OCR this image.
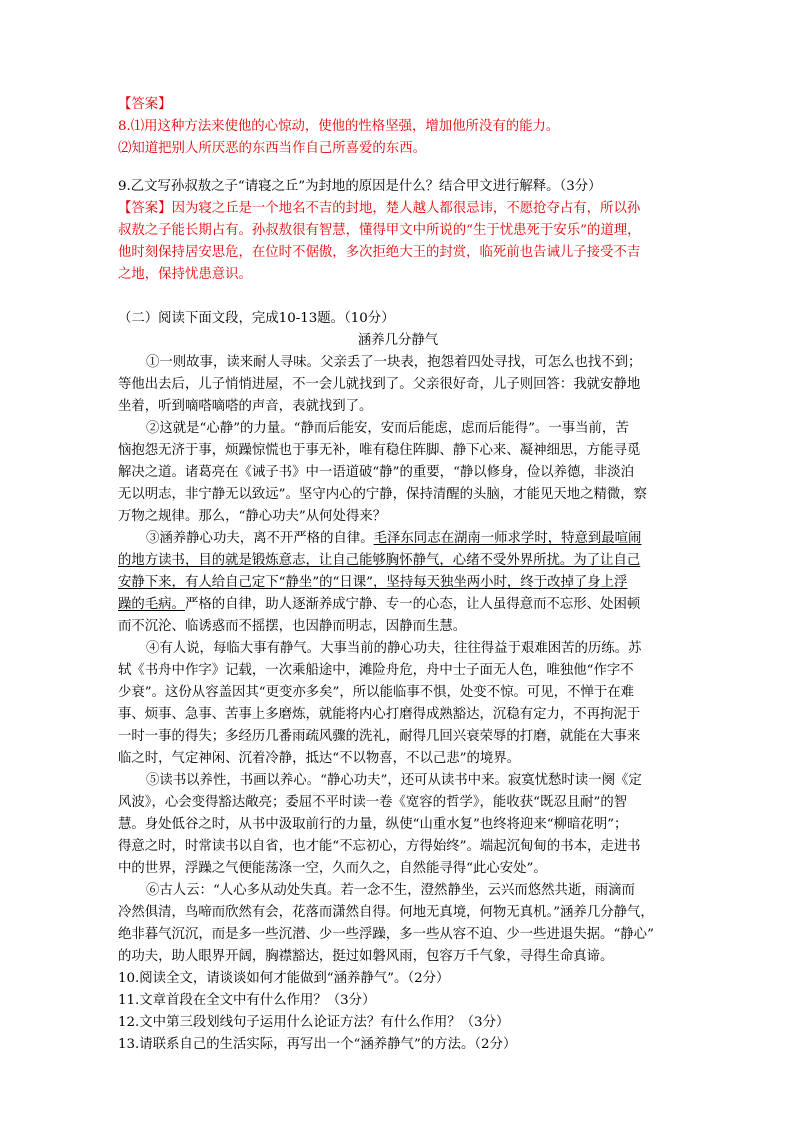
【答案】

8.⑴用这种方法来使他的心惊动，使他的性格坚强，增加他所没有的能力。

⑵知道把别人所厌恶的东西当作自己所喜爱的东西。

9.乙文写孙叔敖之子“请寝之丘”为封地的原因是什么？结合甲文进行解释。（3分）

【答案】因为寝之丘是一个地名不吉的封地，楚人越人都很忌讳，不愿抢夺占有，所以孙

叔敖之子能长期占有。孙叔敖很有智慧，懂得甲文中所说的“生于忧患死于安乐”的道理，

他时刻保持居安思危，在位时不倨傲，多次拒绝大王的封赏，临死前也告诫儿子接受不吉

之地，保持忧患意识。

（二）阅读下面文段，完成10-13题。（10分）

涵养几分静气

①一则故事，读来耐人寻味。父亲丢了一块表，抱怨着四处寻找，可怎么也找不到；

等他出去后，儿子悄悄进屋，不一会儿就找到了。父亲很好奇，儿子则回答：我就安静地

坐着，听到嘀嗒嘀嗒的声音，表就找到了。

②这就是“心静”的力量。“静而后能安，安而后能虑，虑而后能得”。一事当前，苦

恼抱怨无济于事，烦躁惊慌也于事无补，唯有稳住阵脚、静下心来、凝神细思，方能寻觅

解决之道。诸葛亮在《诫子书》中一语道破“静”的重要，“静以修身，俭以养德，非淡泊

无以明志，非宁静无以致远”。坚守内心的宁静，保持清醒的头脑，才能见天地之精微，察

万物之规律。那么，“静心功夫”从何处得来？

③涵养静心功夫，离不开严格的自律。毛泽东同志在湖南一师求学时，特意到最喧闹

的地方读书，目的就是锻炼意志，让自己能够胸怀静气，心绪不受外界所扰。为了让自己

安静下来，有人给自己定下“静坐”的“日课”，坚持每天独坐两小时，终于改掉了身上浮

躁的毛病。严格的自律，助人逐渐养成宁静、专一的心态，让人虽得意而不忘形、处困顿

而不沉沦、临诱惑而不摇摆，也因静而明志，因静而生慧。

④有人说，每临大事有静气。大事当前的静心功夫，往往得益于艰难困苦的历练。苏

轼《书舟中作字》记载，一次乘船途中，滩险舟危，舟中士子面无人色，唯独他“作字不

少衰”。这份从容盖因其“更变亦多矣”，所以能临事不惧，处变不惊。可见，不惮于在难

事、烦事、急事、苦事上多磨炼，就能将内心打磨得成熟豁达，沉稳有定力，不再拘泥于

一时一事的得失；多经历几番雨疏风骤的洗礼，耐得几回兴衰荣辱的打磨，就能在大事来

临之时，气定神闲、沉着冷静，抵达“不以物喜，不以己悲”的境界。

⑤读书以养性，书画以养心。“静心功夫”，还可从读书中来。寂寞忧愁时读一阕《定

风波》，心会变得豁达敞亮；委屈不平时读一卷《宽容的哲学》，能收获“既忍且耐”的智

慧。身处低谷之时，从书中汲取前行的力量，纵使“山重水复”也终将迎来“柳暗花明”；

得意之时，时常读书以自省，也才能“不忘初心，方得始终”。端起沉甸甸的书本，走进书

中的世界，浮躁之气便能荡涤一空，久而久之，自然能寻得“此心安处”。

⑥古人云：“人心多从动处失真。若一念不生，澄然静坐，云兴而悠然共逝，雨滴而

冷然俱清，鸟啼而欣然有会，花落而潇然自得。何地无真境，何物无真机。”涵养几分静气，

绝非暮气沉沉，而是多一些沉潜、少一些浮躁，多一些从容不迫、少一些进退失据。“静心”

的功夫，助人眼界开阔，胸襟豁达，挺过如磐风雨，包容万千气象，寻得生命真谛。

10.阅读全文，请谈谈如何才能做到“涵养静气”。（2分）

11.文章首段在全文中有什么作用？（3分）

12.文中第三段划线句子运用什么论证方法？有什么作用？（3分）

13.请联系自己的生活实际，再写出一个“涵养静气”的方法。（2分）
